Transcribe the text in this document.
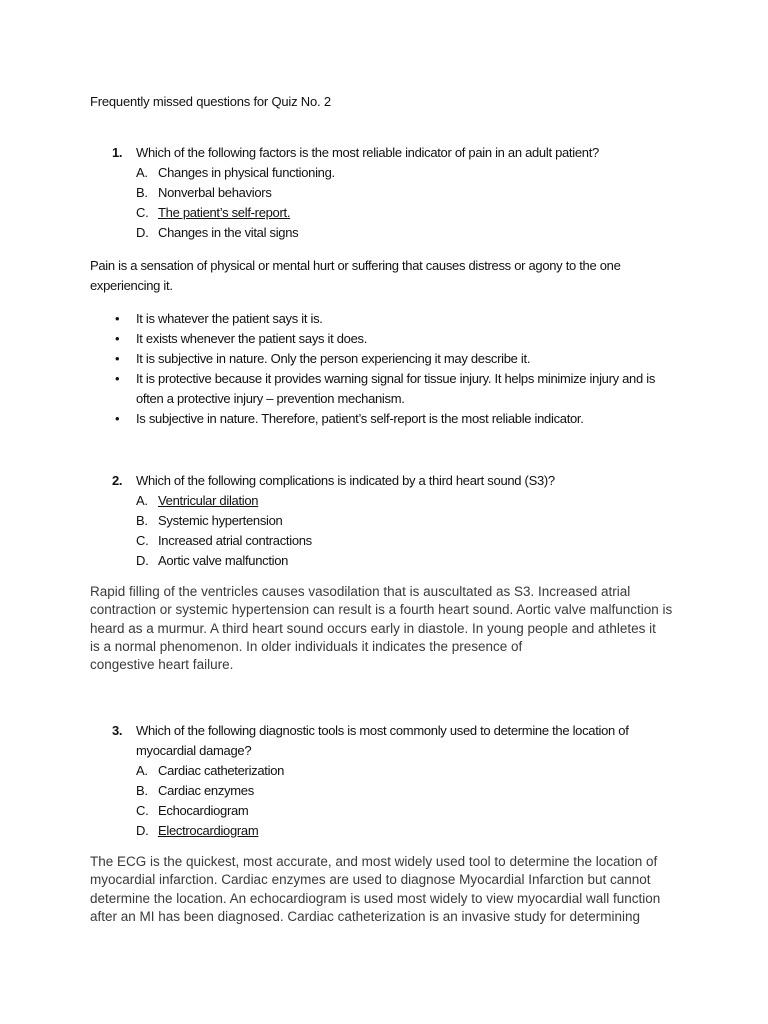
Frequently missed questions for Quiz No. 2
1. Which of the following factors is the most reliable indicator of pain in an adult patient?
A. Changes in physical functioning.
B. Nonverbal behaviors
C. The patient’s self-report.
D. Changes in the vital signs
Pain is a sensation of physical or mental hurt or suffering that causes distress or agony to the one experiencing it.
• It is whatever the patient says it is.
• It exists whenever the patient says it does.
• It is subjective in nature. Only the person experiencing it may describe it.
• It is protective because it provides warning signal for tissue injury. It helps minimize injury and is often a protective injury – prevention mechanism.
• Is subjective in nature. Therefore, patient’s self-report is the most reliable indicator.
2. Which of the following complications is indicated by a third heart sound (S3)?
A. Ventricular dilation
B. Systemic hypertension
C. Increased atrial contractions
D. Aortic valve malfunction
Rapid filling of the ventricles causes vasodilation that is auscultated as S3. Increased atrial
contraction or systemic hypertension can result is a fourth heart sound. Aortic valve malfunction is
heard as a murmur. A third heart sound occurs early in diastole. In young people and athletes it
is a normal phenomenon. In older individuals it indicates the presence of
congestive heart failure.
3. Which of the following diagnostic tools is most commonly used to determine the location of myocardial damage?
A. Cardiac catheterization
B. Cardiac enzymes
C. Echocardiogram
D. Electrocardiogram
The ECG is the quickest, most accurate, and most widely used tool to determine the location of
myocardial infarction. Cardiac enzymes are used to diagnose Myocardial Infarction but cannot
determine the location. An echocardiogram is used most widely to view myocardial wall function
after an MI has been diagnosed. Cardiac catheterization is an invasive study for determining
